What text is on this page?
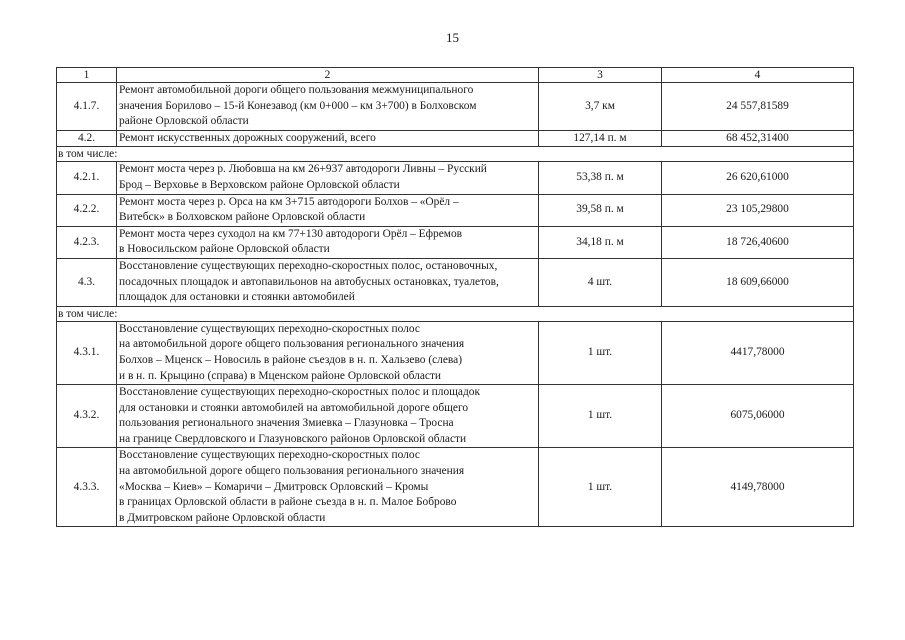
15
1	2	3	4
4.1.7.	Ремонт автомобильной дороги общего пользования межмуниципального
значения Борилово – 15-й Конезавод (км 0+000 – км 3+700) в Болховском
районе Орловской области	3,7 км	24 557,81589
4.2.	Ремонт искусственных дорожных сооружений, всего	127,14 п. м	68 452,31400
в том числе:			
4.2.1.	Ремонт моста через р. Любовша на км 26+937 автодороги Ливны – Русский
Брод – Верховье в Верховском районе Орловской области	53,38 п. м	26 620,61000
4.2.2.	Ремонт моста через р. Орса на км 3+715 автодороги Болхов – «Орёл –
Витебск» в Болховском районе Орловской области	39,58 п. м	23 105,29800
4.2.3.	Ремонт моста через суходол на км 77+130 автодороги Орёл – Ефремов
в Новосильском районе Орловской области	34,18 п. м	18 726,40600
4.3.	Восстановление существующих переходно-скоростных полос, остановочных,
посадочных площадок и автопавильонов на автобусных остановках, туалетов,
площадок для остановки и стоянки автомобилей	4 шт.	18 609,66000
в том числе:			
4.3.1.	Восстановление существующих переходно-скоростных полос
на автомобильной дороге общего пользования регионального значения
Болхов – Мценск – Новосиль в районе съездов в н. п. Хальзево (слева)
и в н. п. Крыцино (справа) в Мценском районе Орловской области	1 шт.	4417,78000
4.3.2.	Восстановление существующих переходно-скоростных полос и площадок
для остановки и стоянки автомобилей на автомобильной дороге общего
пользования регионального значения Змиевка – Глазуновка – Тросна
на границе Свердловского и Глазуновского районов Орловской области	1 шт.	6075,06000
4.3.3.	Восстановление существующих переходно-скоростных полос
на автомобильной дороге общего пользования регионального значения
«Москва – Киев» – Комаричи – Дмитровск Орловский – Кромы
в границах Орловской области в районе съезда в н. п. Малое Боброво
в Дмитровском районе Орловской области	1 шт.	4149,78000
